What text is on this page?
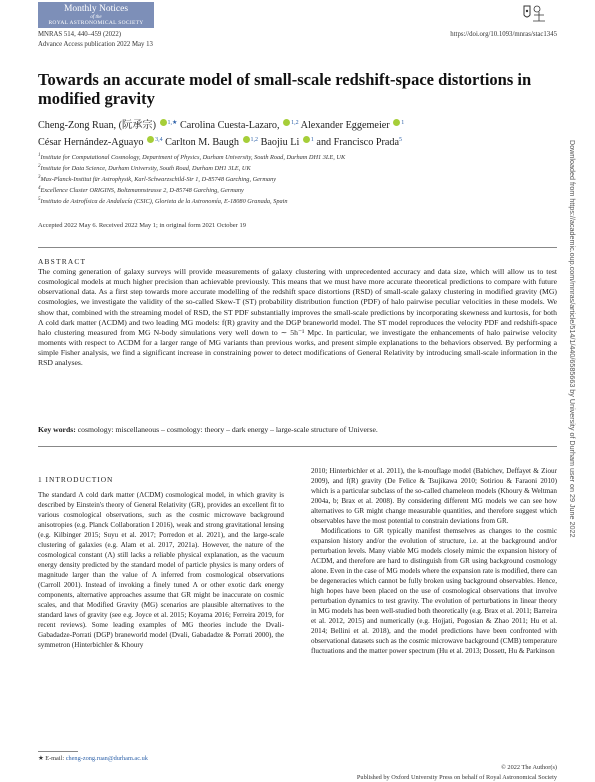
Monthly Notices
of the
ROYAL ASTRONOMICAL SOCIETY
MNRAS 514, 440–459 (2022)	https://doi.org/10.1093/mnras/stac1345
Advance Access publication 2022 May 13
Towards an accurate model of small-scale redshift-space distortions in modified gravity
Cheng-Zong Ruan, (阮承宗) $^{1,★}$ Carolina Cuesta-Lazaro, $^{1,2}$ Alexander Eggemeier $^1$
César Hernández-Aguayo $^{3,4}$ Carlton M. Baugh $^{1,2}$ Baojiu Li $^1$ and Francisco Prada$^5$
$^1$Institute for Computational Cosmology, Department of Physics, Durham University, South Road, Durham DH1 3LE, UK
$^2$Institute for Data Science, Durham University, South Road, Durham DH1 3LE, UK
$^3$Max-Planck-Institut für Astrophysik, Karl-Schwarzschild-Str 1, D-85748 Garching, Germany
$^4$Excellence Cluster ORIGINS, Boltzmannstrasse 2, D-85748 Garching, Germany
$^5$Instituto de Astrofísica de Andalucía (CSIC), Glorieta de la Astronomía, E-18080 Granada, Spain
Accepted 2022 May 6. Received 2022 May 1; in original form 2021 October 19
ABSTRACT
The coming generation of galaxy surveys will provide measurements of galaxy clustering with unprecedented accuracy and data size, which will allow us to test cosmological models at much higher precision than achievable previously. This means that we must have more accurate theoretical predictions to compare with future observational data. As a first step towards more accurate modelling of the redshift space distortions (RSD) of small-scale galaxy clustering in modified gravity (MG) cosmologies, we investigate the validity of the so-called Skew-T (ST) probability distribution function (PDF) of halo pairwise peculiar velocities in these models. We show that, combined with the streaming model of RSD, the ST PDF substantially improves the small-scale predictions by incorporating skewness and kurtosis, for both Λ cold dark matter (ΛCDM) and two leading MG models: f(R) gravity and the DGP braneworld model. The ST model reproduces the velocity PDF and redshift-space halo clustering measured from MG N-body simulations very well down to ∼ 5h⁻¹ Mpc. In particular, we investigate the enhancements of halo pairwise velocity moments with respect to ΛCDM for a larger range of MG variants than previous works, and present simple explanations to the behaviors observed. By performing a simple Fisher analysis, we find a significant increase in constraining power to detect modifications of General Relativity by introducing small-scale information in the RSD analyses.
Key words: cosmology: miscellaneous – cosmology: theory – dark energy – large-scale structure of Universe.
1 INTRODUCTION
The standard Λ cold dark matter (ΛCDM) cosmological model, in which gravity is described by Einstein's theory of General Relativity (GR), provides an excellent fit to various cosmological observations, such as the cosmic microwave background anisotropies (e.g. Planck Collaboration I 2016), weak and strong gravitational lensing (e.g. Kilbinger 2015; Suyu et al. 2017; Porredon et al. 2021), and the large-scale clustering of galaxies (e.g. Alam et al. 2017, 2021a). However, the nature of the cosmological constant (Λ) still lacks a reliable physical explanation, as the vacuum energy density predicted by the standard model of particle physics is many orders of magnitude larger than the value of Λ inferred from cosmological observations (Carroll 2001). Instead of invoking a finely tuned Λ or other exotic dark energy components, alternative approaches assume that GR might be inaccurate on cosmic scales, and that Modified Gravity (MG) scenarios are plausible alternatives to the standard laws of gravity (see e.g. Joyce et al. 2015; Koyama 2016; Ferreira 2019, for recent reviews). Some leading examples of MG theories include the Dvali-Gabadadze-Porrati (DGP) braneworld model (Dvali, Gabadadze & Porrati 2000), the symmetron (Hinterbichler & Khoury
2010; Hinterbichler et al. 2011), the k-mouflage model (Babichev, Deffayet & Ziour 2009), and f(R) gravity (De Felice & Tsujikawa 2010; Sotiriou & Faraoni 2010) which is a particular subclass of the so-called chameleon models (Khoury & Weltman 2004a, b; Brax et al. 2008). By considering different MG models we can see how alternatives to GR might change measurable quantities, and therefore suggest which observables have the most potential to constrain deviations from GR.
Modifications to GR typically manifest themselves as changes to the cosmic expansion history and/or the evolution of structure, i.e. at the background and/or perturbation levels. Many viable MG models closely mimic the expansion history of ΛCDM, and therefore are hard to distinguish from GR using background cosmology alone. Even in the case of MG models where the expansion rate is modified, there can be degeneracies which cannot be fully broken using background observables. Hence, high hopes have been placed on the use of cosmological observations that involve perturbation dynamics to test gravity. The evolution of perturbations in linear theory in MG models has been well-studied both theoretically (e.g. Brax et al. 2011; Barreira et al. 2012, 2015) and numerically (e.g. Hojjati, Pogosian & Zhao 2011; Hu et al. 2014; Bellini et al. 2018), and the model predictions have been confronted with observational datasets such as the cosmic microwave background (CMB) temperature fluctuations and the matter power spectrum (Hu et al. 2013; Dossett, Hu & Parkinson
★ E-mail: cheng-zong.ruan@durham.ac.uk
© 2022 The Author(s)
Published by Oxford University Press on behalf of Royal Astronomical Society
Downloaded from https://academic.oup.com/mnras/article/514/1/440/6585663 by University of Durham user on 29 June 2022
